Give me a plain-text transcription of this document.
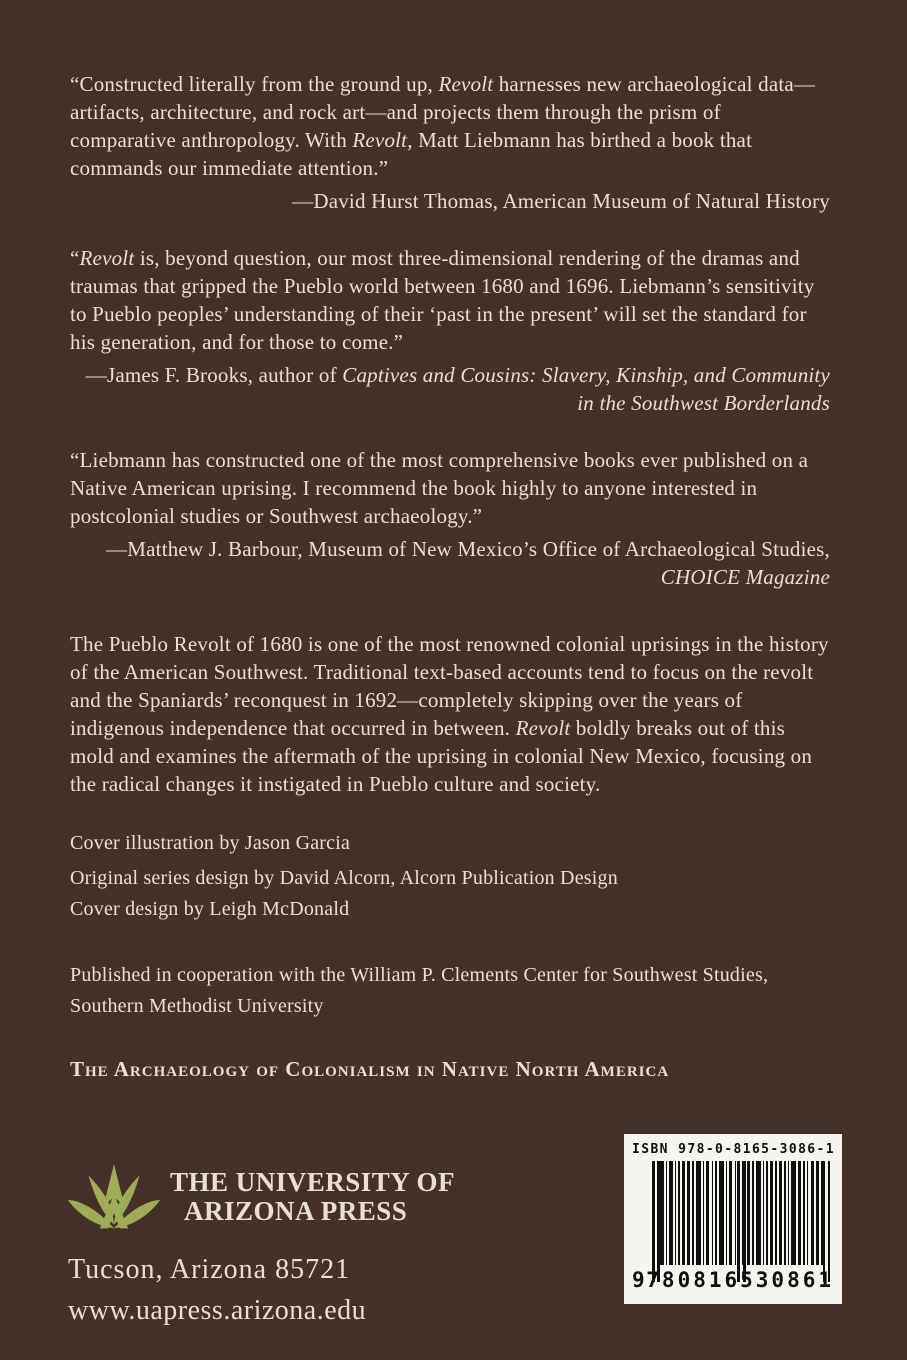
“Constructed literally from the ground up, Revolt harnesses new archaeological data—artifacts, architecture, and rock art—and projects them through the prism of comparative anthropology. With Revolt, Matt Liebmann has birthed a book that commands our immediate attention.”

—David Hurst Thomas, American Museum of Natural History

“Revolt is, beyond question, our most three-dimensional rendering of the dramas and traumas that gripped the Pueblo world between 1680 and 1696. Liebmann’s sensitivity to Pueblo peoples’ understanding of their ‘past in the present’ will set the standard for his generation, and for those to come.”

—James F. Brooks, author of Captives and Cousins: Slavery, Kinship, and Community in the Southwest Borderlands

“Liebmann has constructed one of the most comprehensive books ever published on a Native American uprising. I recommend the book highly to anyone interested in postcolonial studies or Southwest archaeology.”

—Matthew J. Barbour, Museum of New Mexico’s Office of Archaeological Studies, CHOICE Magazine

The Pueblo Revolt of 1680 is one of the most renowned colonial uprisings in the history of the American Southwest. Traditional text-based accounts tend to focus on the revolt and the Spaniards’ reconquest in 1692—completely skipping over the years of indigenous independence that occurred in between. Revolt boldly breaks out of this mold and examines the aftermath of the uprising in colonial New Mexico, focusing on the radical changes it instigated in Pueblo culture and society.

Cover illustration by Jason Garcia

Original series design by David Alcorn, Alcorn Publication Design

Cover design by Leigh McDonald

Published in cooperation with the William P. Clements Center for Southwest Studies, Southern Methodist University

The Archaeology of Colonialism in Native North America

THE UNIVERSITY OF
ARIZONA PRESS

Tucson, Arizona 85721

www.uapress.arizona.edu

ISBN 978-0-8165-3086-1
9 780816 530861
